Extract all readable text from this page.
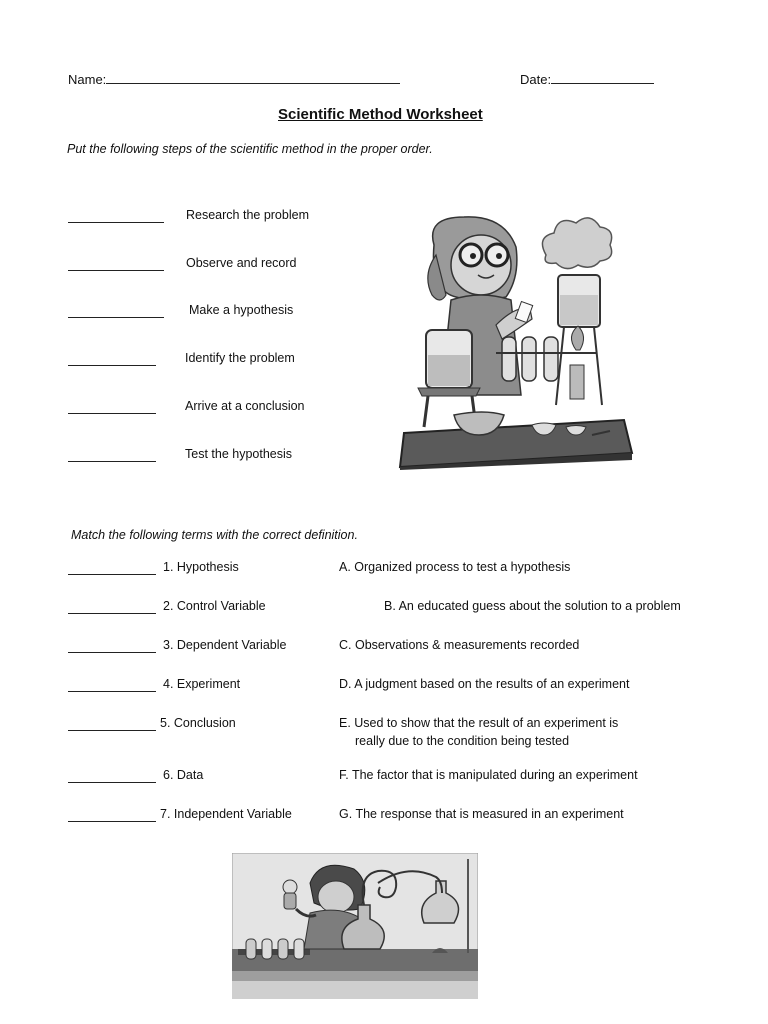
Name:	Date:
Scientific Method Worksheet
Put the following steps of the scientific method in the proper order.
Research the problem
Observe and record
Make a hypothesis
Identify the problem
Arrive at a conclusion
Test the hypothesis
Match the following terms with the correct definition.
1. Hypothesis
2. Control Variable
3. Dependent Variable
4. Experiment
5. Conclusion
6. Data
7. Independent Variable
A. Organized process to test a hypothesis
B. An educated guess about the solution to a problem
C. Observations & measurements recorded
D. A judgment based on the results of an experiment
E. Used to show that the result of an experiment is
really due to the condition being tested
F. The factor that is manipulated during an experiment
G. The response that is measured in an experiment
